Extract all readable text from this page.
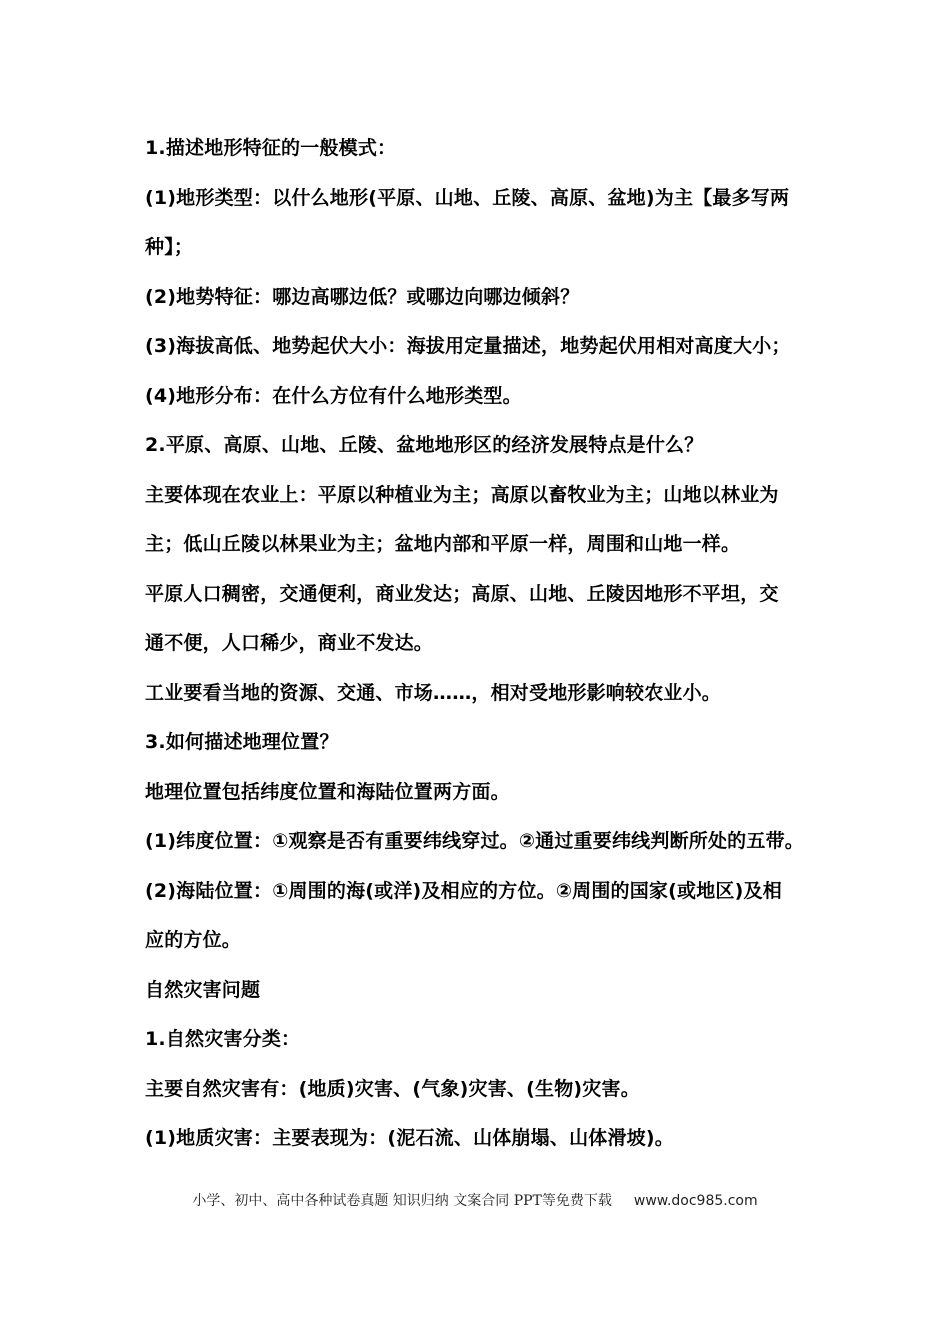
1.描述地形特征的一般模式：
(1)地形类型：以什么地形(平原、山地、丘陵、高原、盆地)为主【最多写两
种】；
(2)地势特征：哪边高哪边低？或哪边向哪边倾斜？
(3)海拔高低、地势起伏大小：海拔用定量描述，地势起伏用相对高度大小；
(4)地形分布：在什么方位有什么地形类型。
2.平原、高原、山地、丘陵、盆地地形区的经济发展特点是什么？
主要体现在农业上：平原以种植业为主；高原以畜牧业为主；山地以林业为
主；低山丘陵以林果业为主；盆地内部和平原一样，周围和山地一样。
平原人口稠密，交通便利，商业发达；高原、山地、丘陵因地形不平坦，交
通不便，人口稀少，商业不发达。
工业要看当地的资源、交通、市场……，相对受地形影响较农业小。
3.如何描述地理位置？
地理位置包括纬度位置和海陆位置两方面。
(1)纬度位置：①观察是否有重要纬线穿过。②通过重要纬线判断所处的五带。
(2)海陆位置：①周围的海(或洋)及相应的方位。②周围的国家(或地区)及相
应的方位。
自然灾害问题
1.自然灾害分类：
主要自然灾害有：(地质)灾害、(气象)灾害、(生物)灾害。
(1)地质灾害：主要表现为：(泥石流、山体崩塌、山体滑坡)。
小学、初中、高中各种试卷真题 知识归纳 文案合同 PPT等免费下载 www.doc985.com
